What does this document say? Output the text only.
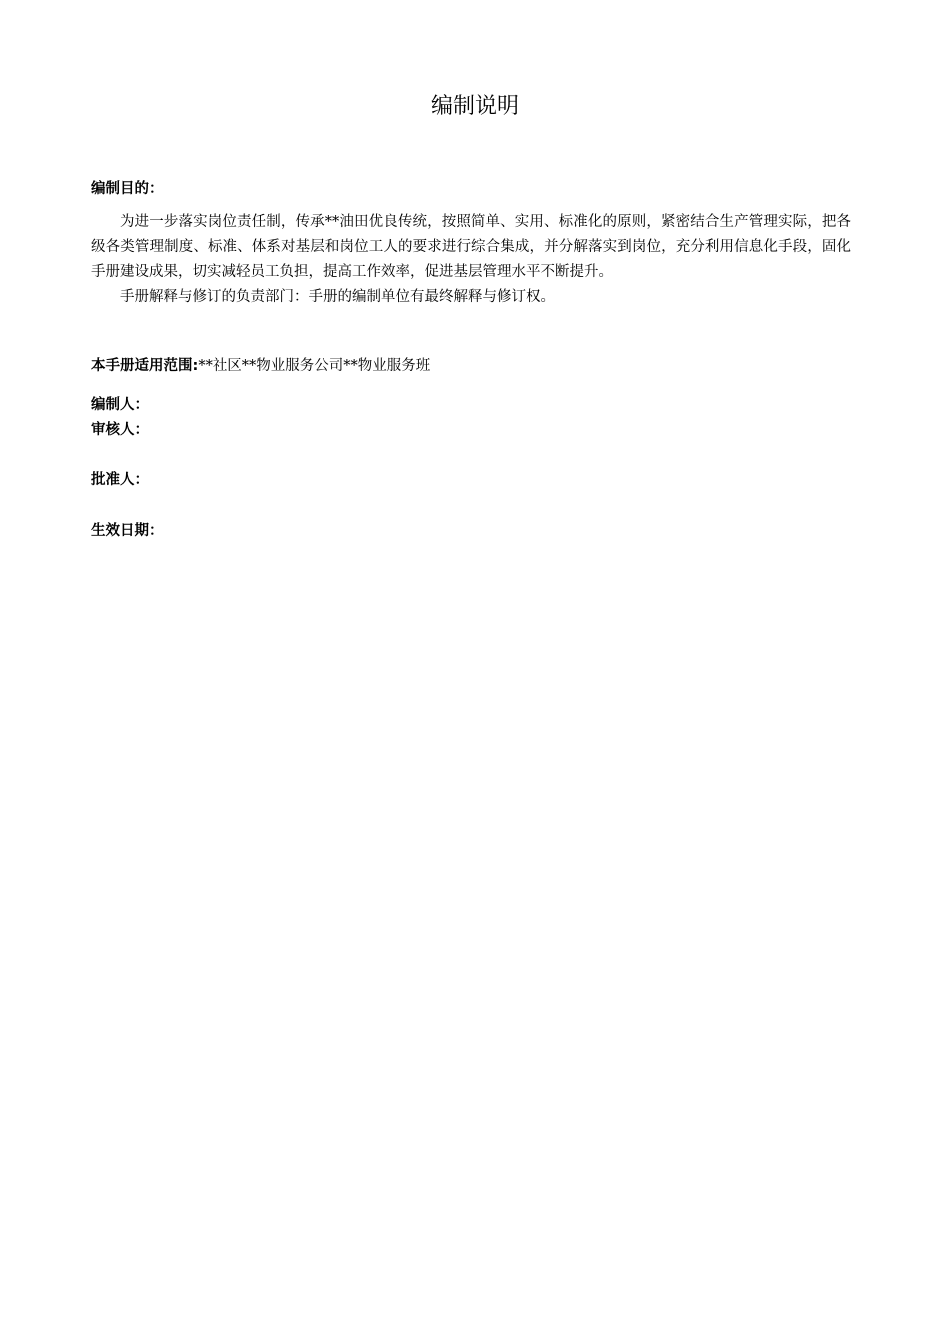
编制说明
编制目的：

为进一步落实岗位责任制，传承**油田优良传统，按照简单、实用、标准化的原则，紧密结合生产管理实际，把各级各类管理制度、标准、体系对基层和岗位工人的要求进行综合集成，并分解落实到岗位，充分利用信息化手段，固化手册建设成果，切实减轻员工负担，提高工作效率，促进基层管理水平不断提升。

手册解释与修订的负责部门：手册的编制单位有最终解释与修订权。

本手册适用范围:**社区**物业服务公司**物业服务班
编制人：
审核人：
批准人：
生效日期：
